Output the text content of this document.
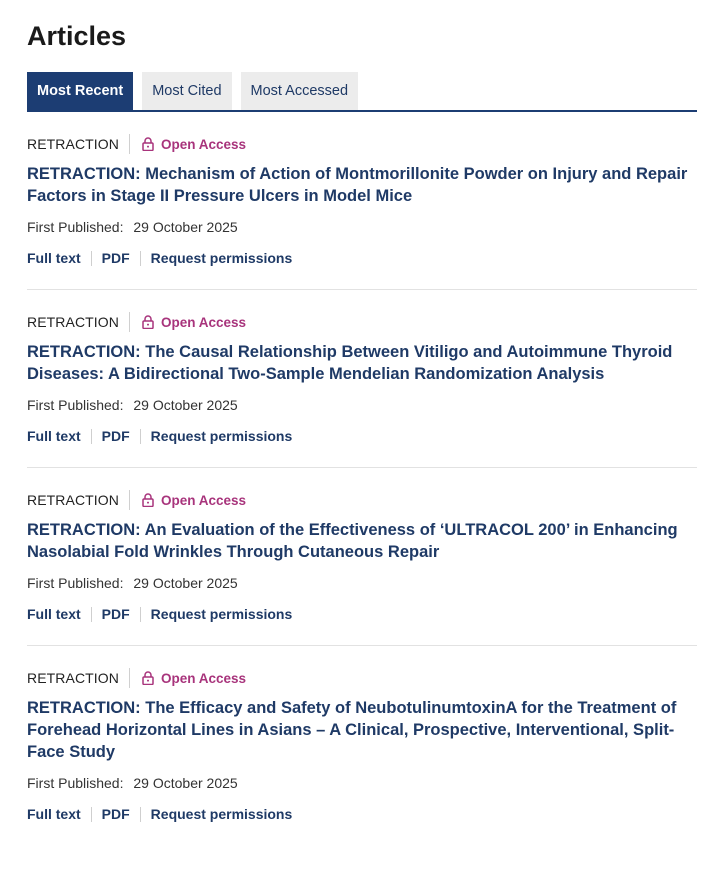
Articles
Most Recent	Most Cited	Most Accessed
RETRACTION	Open Access
RETRACTION: Mechanism of Action of Montmorillonite Powder on Injury and Repair Factors in Stage II Pressure Ulcers in Model Mice
First Published: 29 October 2025
Full text PDF Request permissions
RETRACTION	Open Access
RETRACTION: The Causal Relationship Between Vitiligo and Autoimmune Thyroid Diseases: A Bidirectional Two‐Sample Mendelian Randomization Analysis
First Published: 29 October 2025
Full text PDF Request permissions
RETRACTION	Open Access
RETRACTION: An Evaluation of the Effectiveness of ‘ULTRACOL 200’ in Enhancing Nasolabial Fold Wrinkles Through Cutaneous Repair
First Published: 29 October 2025
Full text PDF Request permissions
RETRACTION	Open Access
RETRACTION: The Efficacy and Safety of NeubotulinumtoxinA for the Treatment of Forehead Horizontal Lines in Asians – A Clinical, Prospective, Interventional, Split‐Face Study
First Published: 29 October 2025
Full text PDF Request permissions
